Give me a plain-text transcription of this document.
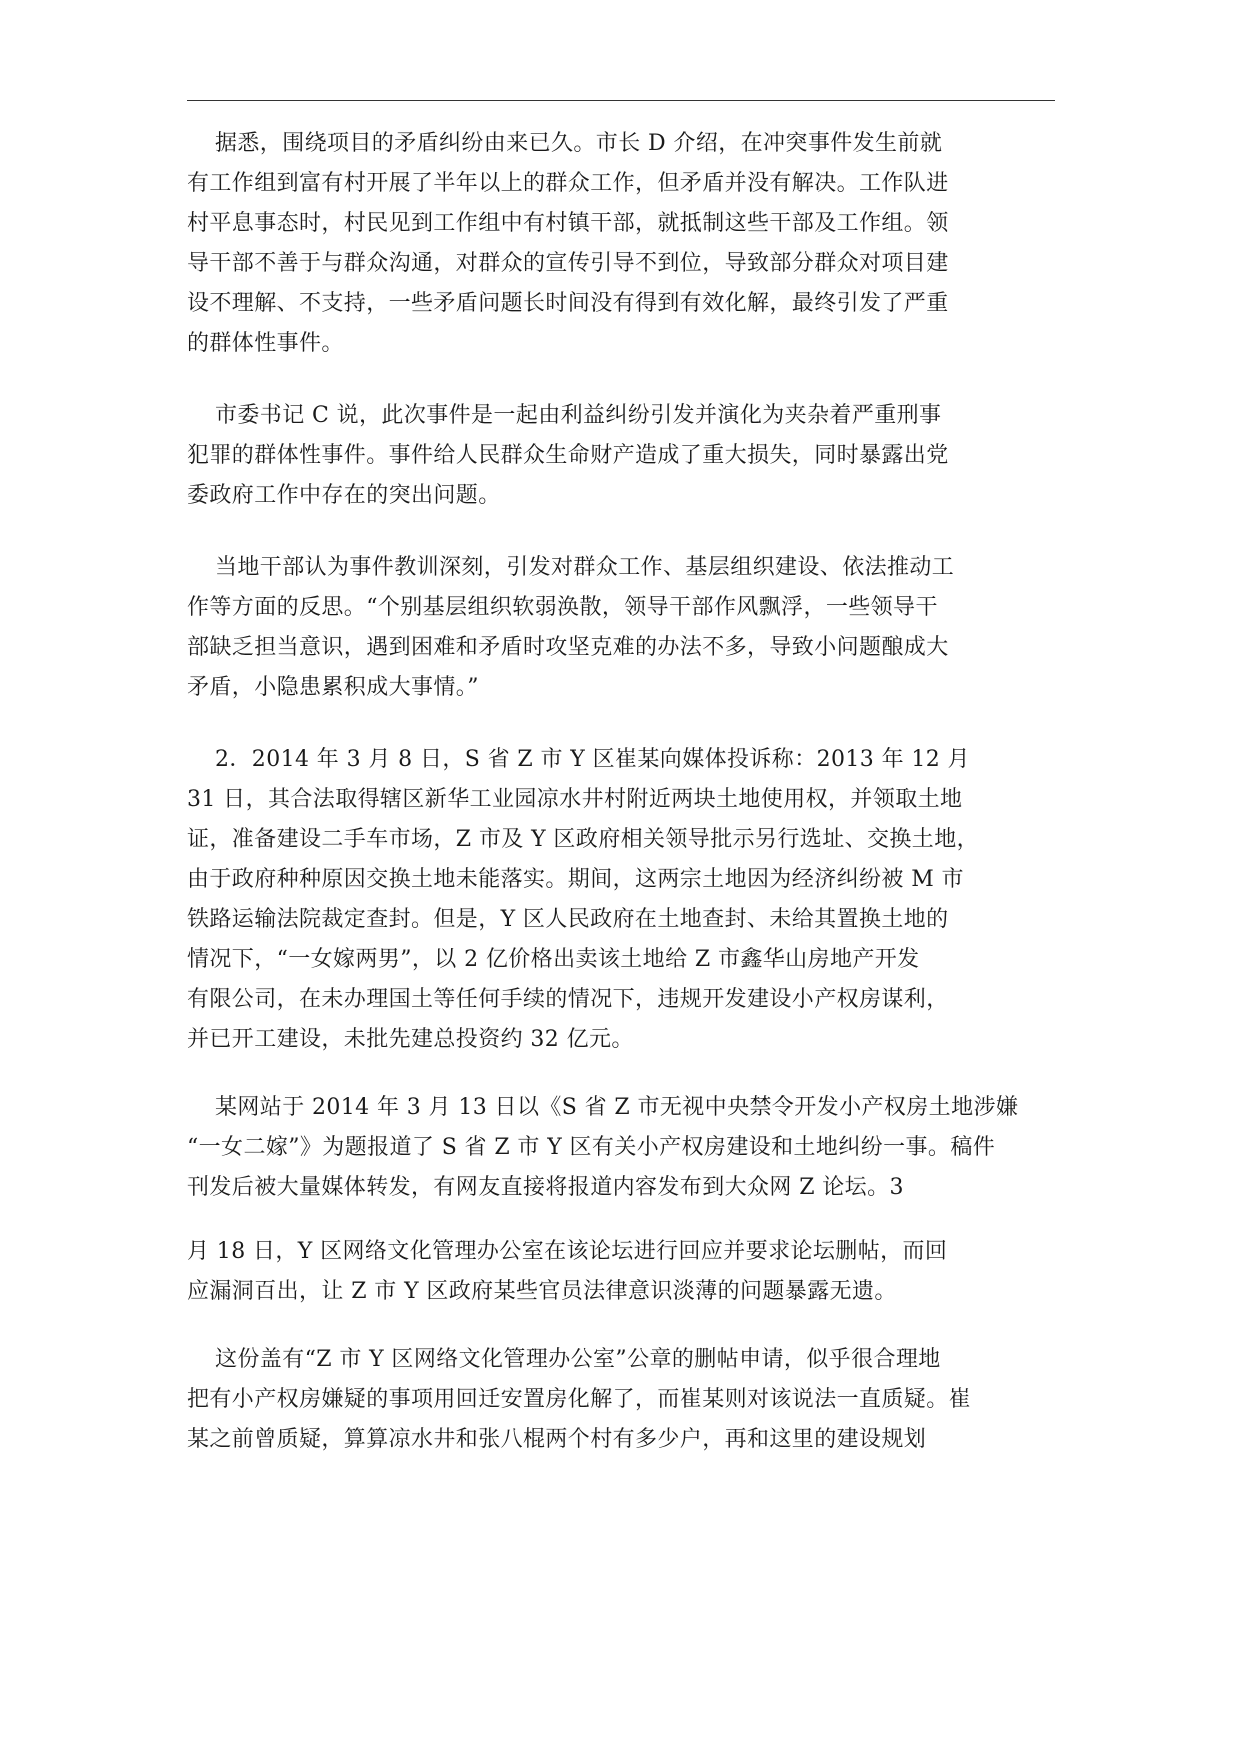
据悉，围绕项目的矛盾纠纷由来已久。市长 D 介绍，在冲突事件发生前就
有工作组到富有村开展了半年以上的群众工作，但矛盾并没有解决。工作队进
村平息事态时，村民见到工作组中有村镇干部，就抵制这些干部及工作组。领
导干部不善于与群众沟通，对群众的宣传引导不到位，导致部分群众对项目建
设不理解、不支持，一些矛盾问题长时间没有得到有效化解，最终引发了严重
的群体性事件。

市委书记 C 说，此次事件是一起由利益纠纷引发并演化为夹杂着严重刑事
犯罪的群体性事件。事件给人民群众生命财产造成了重大损失，同时暴露出党
委政府工作中存在的突出问题。

当地干部认为事件教训深刻，引发对群众工作、基层组织建设、依法推动工
作等方面的反思。“个别基层组织软弱涣散，领导干部作风飘浮，一些领导干
部缺乏担当意识，遇到困难和矛盾时攻坚克难的办法不多，导致小问题酿成大
矛盾，小隐患累积成大事情。”

2．2014 年 3 月 8 日，S 省 Z 市 Y 区崔某向媒体投诉称：2013 年 12 月
31 日，其合法取得辖区新华工业园凉水井村附近两块土地使用权，并领取土地
证，准备建设二手车市场，Z 市及 Y 区政府相关领导批示另行选址、交换土地，
由于政府种种原因交换土地未能落实。期间，这两宗土地因为经济纠纷被 M 市
铁路运输法院裁定查封。但是，Y 区人民政府在土地查封、未给其置换土地的
情况下，“一女嫁两男”，以 2 亿价格出卖该土地给 Z 市鑫华山房地产开发
有限公司，在未办理国土等任何手续的情况下，违规开发建设小产权房谋利，
并已开工建设，未批先建总投资约 32 亿元。

某网站于 2014 年 3 月 13 日以《S 省 Z 市无视中央禁令开发小产权房土地涉嫌
“一女二嫁”》为题报道了 S 省 Z 市 Y 区有关小产权房建设和土地纠纷一事。稿件
刊发后被大量媒体转发，有网友直接将报道内容发布到大众网 Z 论坛。3

月 18 日，Y 区网络文化管理办公室在该论坛进行回应并要求论坛删帖，而回
应漏洞百出，让 Z 市 Y 区政府某些官员法律意识淡薄的问题暴露无遗。

这份盖有“Z 市 Y 区网络文化管理办公室”公章的删帖申请，似乎很合理地
把有小产权房嫌疑的事项用回迁安置房化解了，而崔某则对该说法一直质疑。崔
某之前曾质疑，算算凉水井和张八棍两个村有多少户，再和这里的建设规划
